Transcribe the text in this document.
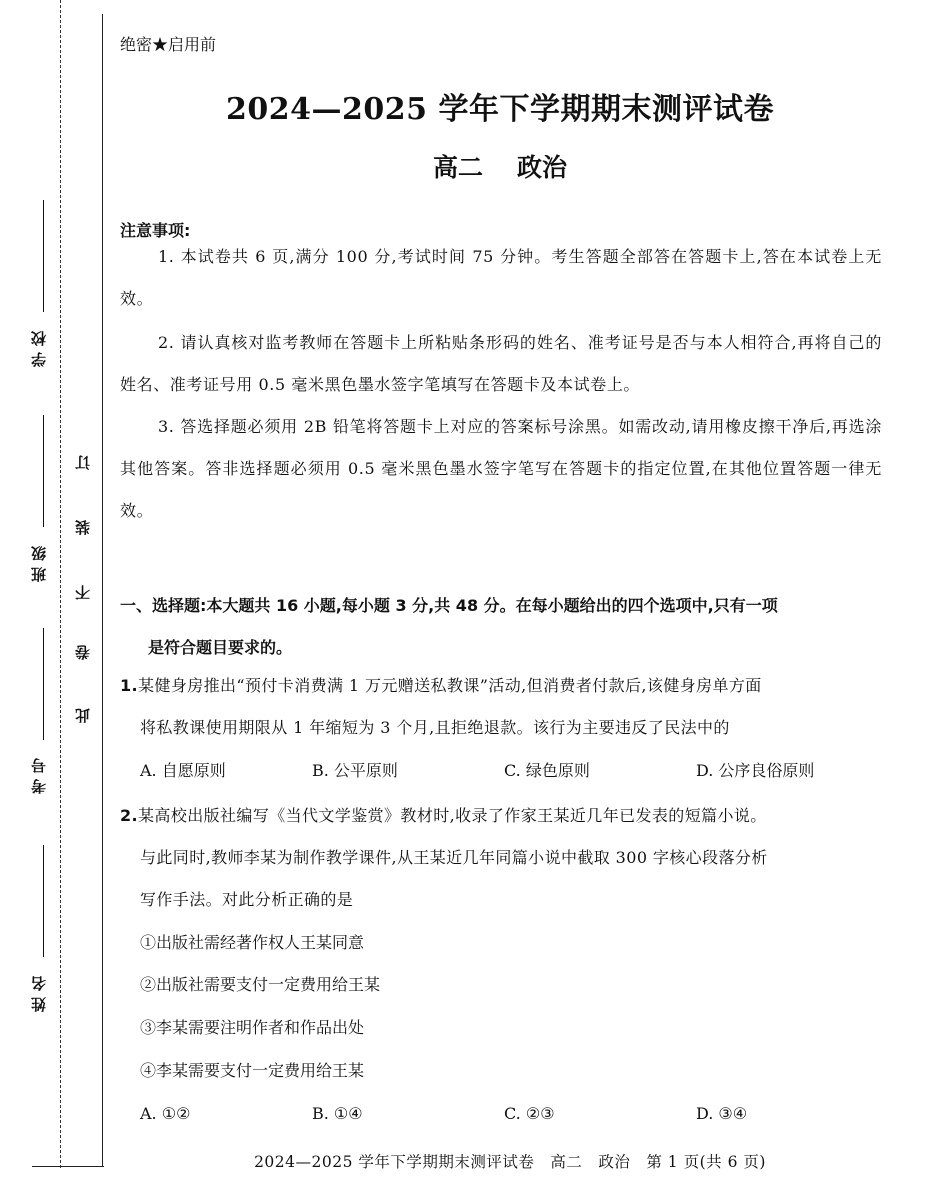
学校
班级
考号
姓名
订
装
不
卷
此
绝密★启用前
2024—2025 学年下学期期末测评试卷
高二 政治
注意事项:
1. 本试卷共 6 页,满分 100 分,考试时间 75 分钟。考生答题全部答在答题卡上,答在本试卷上无效。
2. 请认真核对监考教师在答题卡上所粘贴条形码的姓名、准考证号是否与本人相符合,再将自己的姓名、准考证号用 0.5 毫米黑色墨水签字笔填写在答题卡及本试卷上。
3. 答选择题必须用 2B 铅笔将答题卡上对应的答案标号涂黑。如需改动,请用橡皮擦干净后,再选涂其他答案。答非选择题必须用 0.5 毫米黑色墨水签字笔写在答题卡的指定位置,在其他位置答题一律无效。
一、选择题:本大题共 16 小题,每小题 3 分,共 48 分。在每小题给出的四个选项中,只有一项
是符合题目要求的。
1.某健身房推出“预付卡消费满 1 万元赠送私教课”活动,但消费者付款后,该健身房单方面
将私教课使用期限从 1 年缩短为 3 个月,且拒绝退款。该行为主要违反了民法中的
A. 自愿原则	B. 公平原则	C. 绿色原则	D. 公序良俗原则
2.某高校出版社编写《当代文学鉴赏》教材时,收录了作家王某近几年已发表的短篇小说。
与此同时,教师李某为制作教学课件,从王某近几年同篇小说中截取 300 字核心段落分析
写作手法。对此分析正确的是
①出版社需经著作权人王某同意
②出版社需要支付一定费用给王某
③李某需要注明作者和作品出处
④李某需要支付一定费用给王某
A. ①②	B. ①④	C. ②③	D. ③④
2024—2025 学年下学期期末测评试卷　高二　政治　第 1 页(共 6 页)
